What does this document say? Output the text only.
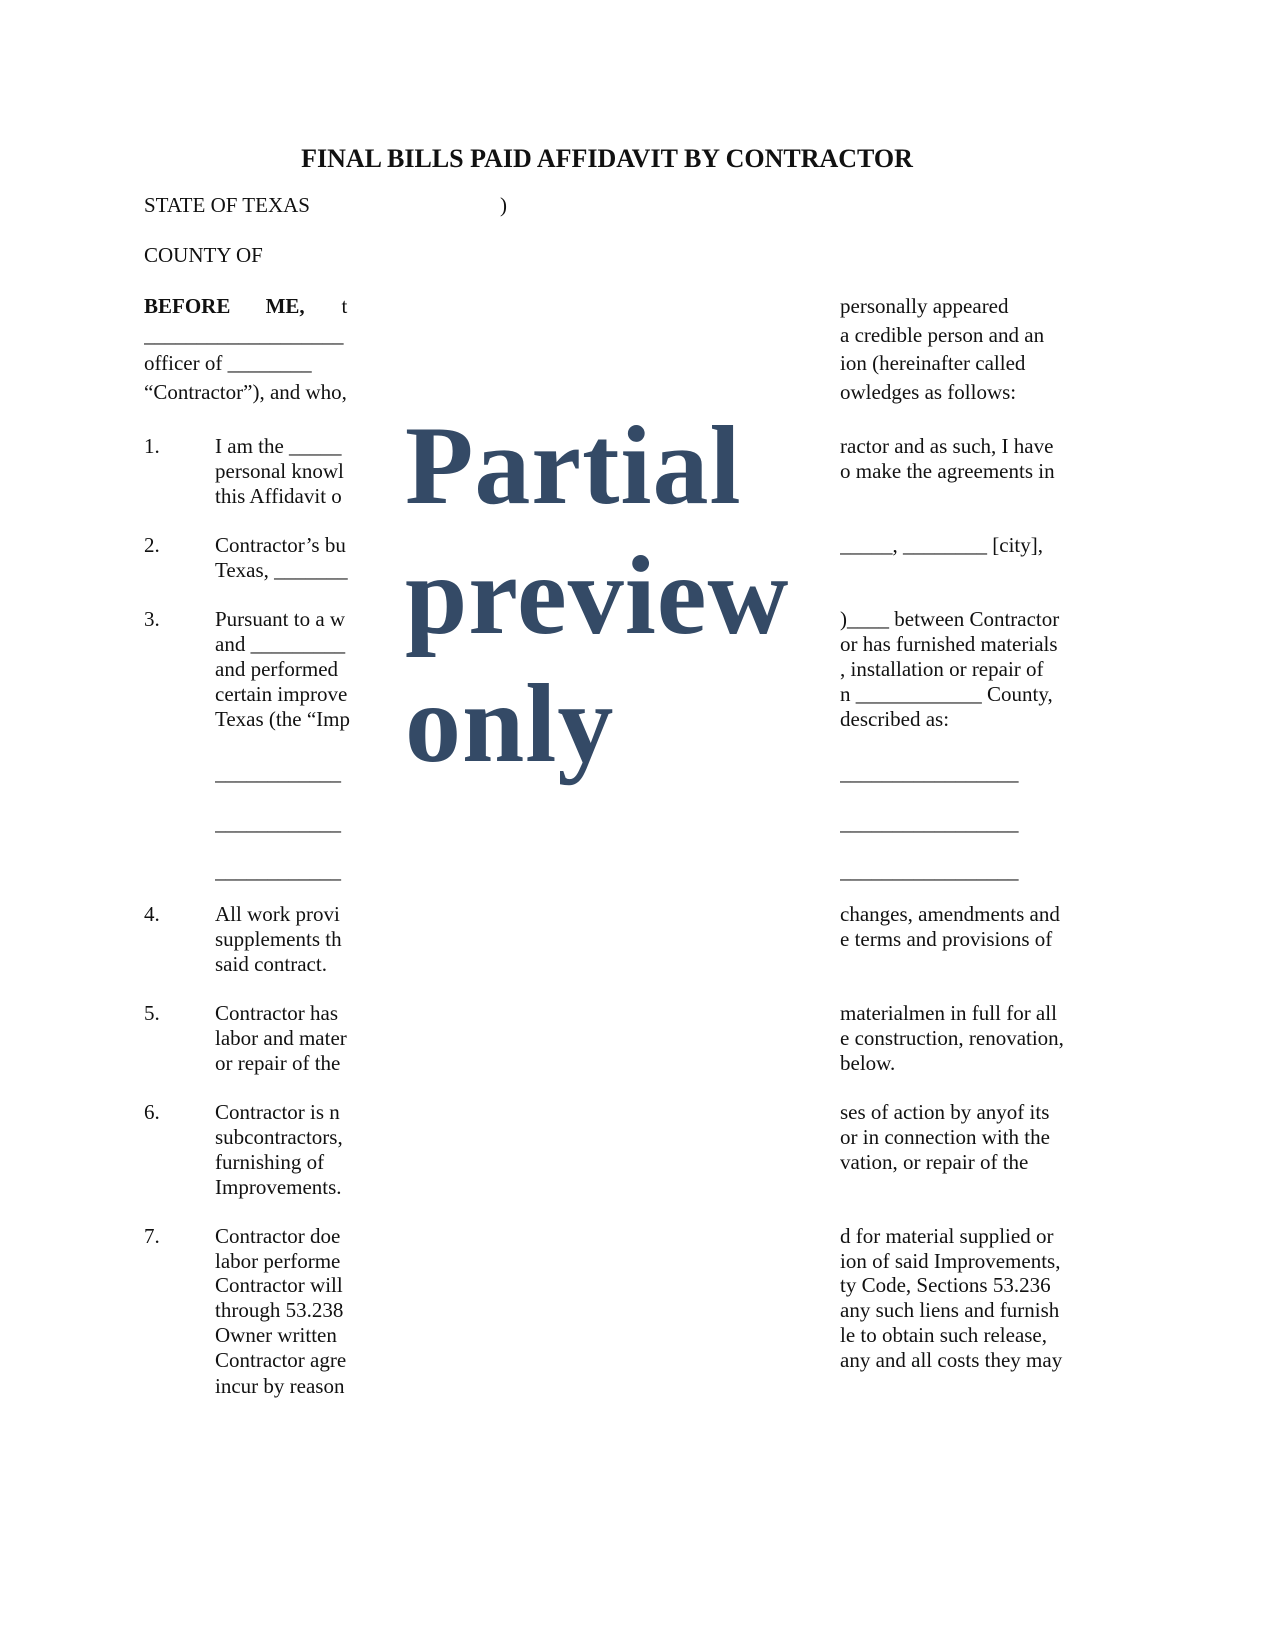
FINAL BILLS PAID AFFIDAVIT BY CONTRACTOR
STATE OF TEXAS	)
COUNTY OF
BEFORE ME,       t	personally appeared
___________________	a credible person and an
officer of ________	ion (hereinafter called
“Contractor”), and who,	owledges as follows:
1.	I am the _____	ractor and as such, I have
personal knowl	o make the agreements in
this Affidavit o
2.	Contractor’s bu	_____, ________ [city],
Texas, _______
3.	Pursuant to a w	)____ between Contractor
and _________	or has furnished materials
and performed	, installation or repair of
certain improve	n ____________ County,
Texas (the “Imp	described as:
____________	_________________
____________	_________________
____________	_________________
4.	All work provi	changes, amendments and
supplements th	e terms and provisions of
said contract.
5.	Contractor has	materialmen in full for all
labor and mater	e construction, renovation,
or repair of the	below.
6.	Contractor is n	ses of action by anyof its
subcontractors,	or in connection with the
furnishing of	vation, or repair of the
Improvements.
7.	Contractor doe	d for material supplied or
labor performe	ion of said Improvements,
Contractor will	ty Code, Sections 53.236
through 53.238	any such liens and furnish
Owner written	le to obtain such release,
Contractor agre	any and all costs they may
incur by reason
Partial
preview
only
